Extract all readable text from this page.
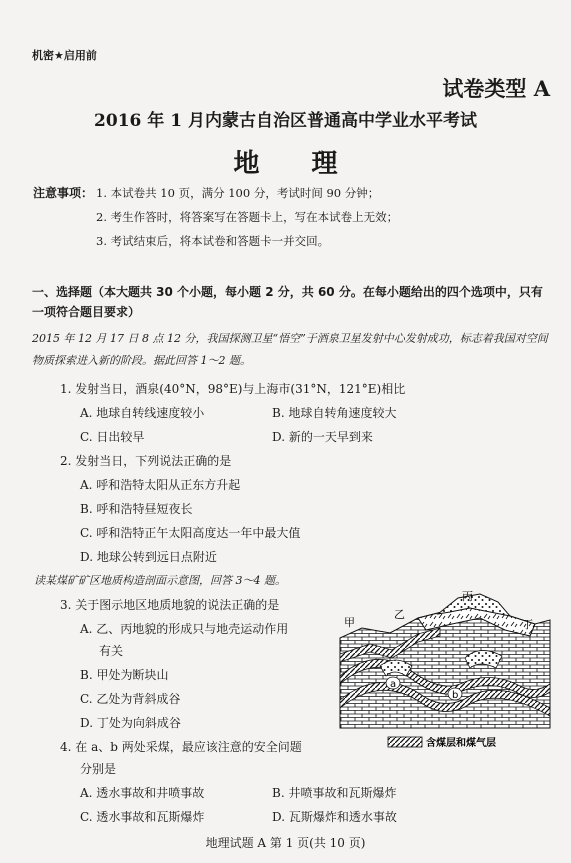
机密★启用前
试卷类型 A
2016 年 1 月内蒙古自治区普通高中学业水平考试
地理
注意事项： 1. 本试卷共 10 页，满分 100 分，考试时间 90 分钟；
2. 考生作答时，将答案写在答题卡上，写在本试卷上无效；
3. 考试结束后，将本试卷和答题卡一并交回。
一、选择题（本大题共 30 个小题，每小题 2 分，共 60 分。在每小题给出的四个选项中，只有一项符合题目要求）
2015 年 12 月 17 日 8 点 12 分，我国探测卫星“悟空”于酒泉卫星发射中心发射成功，标志着我国对空间物质探索进入新的阶段。据此回答 1～2 题。
1. 发射当日，酒泉(40°N，98°E)与上海市(31°N，121°E)相比
A. 地球自转线速度较小	B. 地球自转角速度较大
C. 日出较早	D. 新的一天早到来
2. 发射当日，下列说法正确的是
A. 呼和浩特太阳从正东方升起
B. 呼和浩特昼短夜长
C. 呼和浩特正午太阳高度达一年中最大值
D. 地球公转到远日点附近
读某煤矿矿区地质构造剖面示意图，回答 3～4 题。
3. 关于图示地区地质地貌的说法正确的是
A. 乙、丙地貌的形成只与地壳运动作用
有关
B. 甲处为断块山
C. 乙处为背斜成谷
D. 丁处为向斜成谷
4. 在 a、b 两处采煤，最应该注意的安全问题
分别是
A. 透水事故和井喷事故	B. 井喷事故和瓦斯爆炸
C. 透水事故和瓦斯爆炸	D. 瓦斯爆炸和透水事故
甲
乙
丙
丁
a
b
含煤层和煤气层
地理试题 A 第 1 页(共 10 页)
